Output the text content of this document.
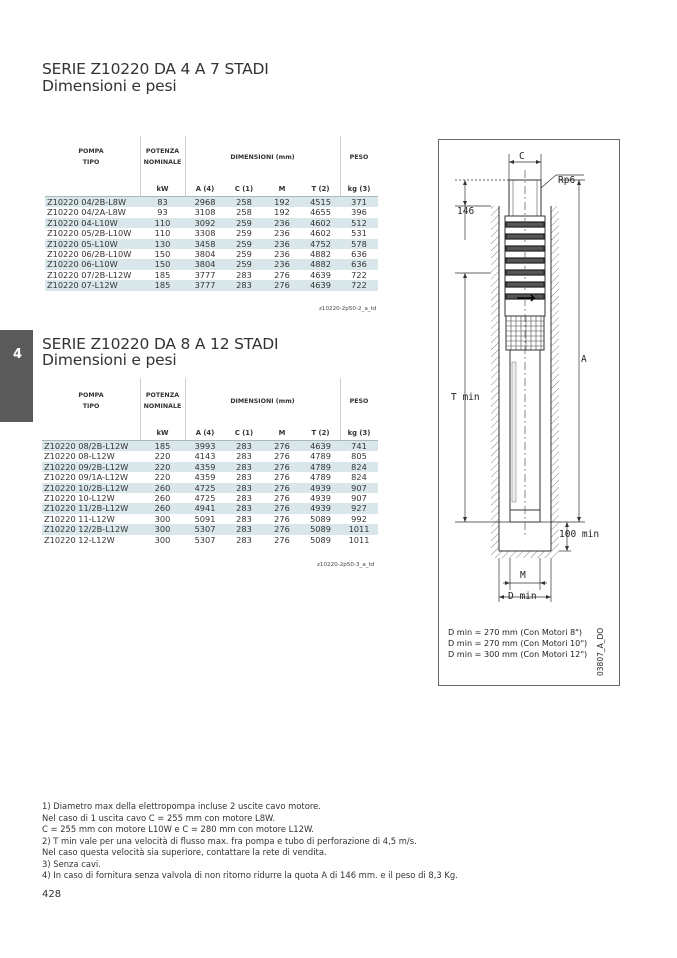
SERIE Z10220 DA 4 A 7 STADI
Dimensioni e pesi
POMPA
TIPO
POTENZA
NOMINALE
DIMENSIONI (mm)	PESO
kW	A (4)	C (1)	M	T (2)	kg (3)
Z10220 04/2B-L8W	83	2968	258	192	4515	371
Z10220 04/2A-L8W	93	3108	258	192	4655	396
Z10220 04-L10W	110	3092	259	236	4602	512
Z10220 05/2B-L10W	110	3308	259	236	4602	531
Z10220 05-L10W	130	3458	259	236	4752	578
Z10220 06/2B-L10W	150	3804	259	236	4882	636
Z10220 06-L10W	150	3804	259	236	4882	636
Z10220 07/2B-L12W	185	3777	283	276	4639	722
Z10220 07-L12W	185	3777	283	276	4639	722
z10220-2p50-2_a_td
4
SERIE Z10220 DA 8 A 12 STADI
Dimensioni e pesi
POMPA
TIPO
POTENZA
NOMINALE
DIMENSIONI (mm)	PESO
kW	A (4)	C (1)	M	T (2)	kg (3)
Z10220 08/2B-L12W	185	3993	283	276	4639	741
Z10220 08-L12W	220	4143	283	276	4789	805
Z10220 09/2B-L12W	220	4359	283	276	4789	824
Z10220 09/1A-L12W	220	4359	283	276	4789	824
Z10220 10/2B-L12W	260	4725	283	276	4939	907
Z10220 10-L12W	260	4725	283	276	4939	907
Z10220 11/2B-L12W	260	4941	283	276	4939	927
Z10220 11-L12W	300	5091	283	276	5089	992
Z10220 12/2B-L12W	300	5307	283	276	5089	1011
Z10220 12-L12W	300	5307	283	276	5089	1011
z10220-2p50-3_a_td
C
Rp6
146
A
T min
100 min
M
D min
D min = 270 mm (Con Motori 8")
D min = 270 mm (Con Motori 10")
D min = 300 mm (Con Motori 12") 03807_A_DO
1) Diametro max della elettropompa incluse 2 uscite cavo motore.
Nel caso di 1 uscita cavo C = 255 mm con motore L8W.
C = 255 mm con motore L10W e C = 280 mm con motore L12W.
2) T min vale per una velocità di flusso max. fra pompa e tubo di perforazione di 4,5 m/s.
Nel caso questa velocità sia superiore, contattare la rete di vendita.
3) Senza cavi.
4) In caso di fornitura senza valvola di non ritorno ridurre la quota A di 146 mm. e il peso di 8,3 Kg.
428
